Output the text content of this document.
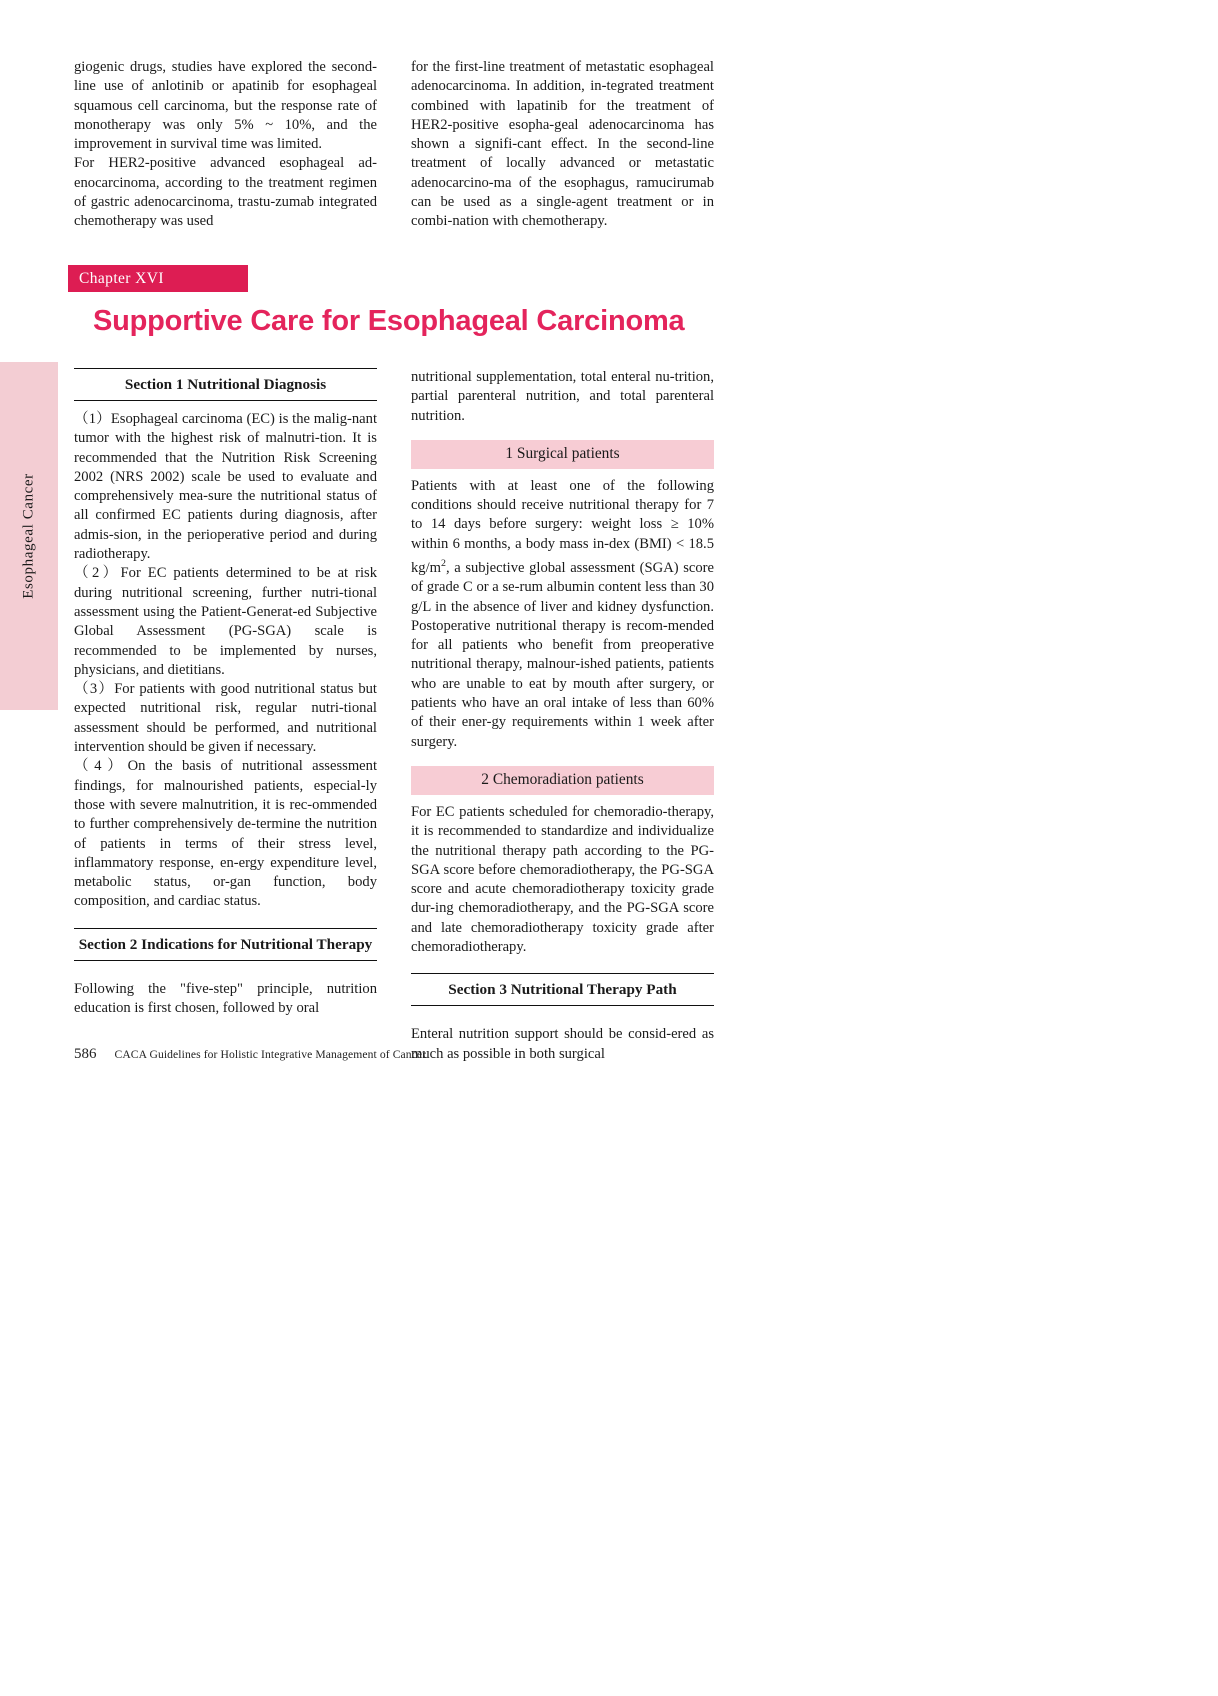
Esophageal Cancer

giogenic drugs, studies have explored the second-line use of anlotinib or apatinib for esophageal squamous cell carcinoma, but the response rate of monotherapy was only 5% ~ 10%, and the improvement in survival time was limited.

For HER2-positive advanced esophageal ad-enocarcinoma, according to the treatment regimen of gastric adenocarcinoma, trastu-zumab integrated chemotherapy was used

for the first-line treatment of metastatic esophageal adenocarcinoma. In addition, in-tegrated treatment combined with lapatinib for the treatment of HER2-positive esopha-geal adenocarcinoma has shown a signifi-cant effect. In the second-line treatment of locally advanced or metastatic adenocarcino-ma of the esophagus, ramucirumab can be used as a single-agent treatment or in combi-nation with chemotherapy.

Chapter XVI
Supportive Care for Esophageal Carcinoma
Section 1 Nutritional Diagnosis

（1）Esophageal carcinoma (EC) is the malig-nant tumor with the highest risk of malnutri-tion. It is recommended that the Nutrition Risk Screening 2002 (NRS 2002) scale be used to evaluate and comprehensively mea-sure the nutritional status of all confirmed EC patients during diagnosis, after admis-sion, in the perioperative period and during radiotherapy.

（2）For EC patients determined to be at risk during nutritional screening, further nutri-tional assessment using the Patient-Generat-ed Subjective Global Assessment (PG-SGA) scale is recommended to be implemented by nurses, physicians, and dietitians.

（3）For patients with good nutritional status but expected nutritional risk, regular nutri-tional assessment should be performed, and nutritional intervention should be given if necessary.

（4）On the basis of nutritional assessment findings, for malnourished patients, especial-ly those with severe malnutrition, it is rec-ommended to further comprehensively de-termine the nutrition of patients in terms of their stress level, inflammatory response, en-ergy expenditure level, metabolic status, or-gan function, body composition, and cardiac status.

Section 2 Indications for Nutritional Therapy

Following the "five-step" principle, nutrition education is first chosen, followed by oral

nutritional supplementation, total enteral nu-trition, partial parenteral nutrition, and total parenteral nutrition.

1 Surgical patients

Patients with at least one of the following conditions should receive nutritional therapy for 7 to 14 days before surgery: weight loss ≥ 10% within 6 months, a body mass in-dex (BMI) < 18.5 $kg/m^2$, a subjective global assessment (SGA) score of grade C or a se-rum albumin content less than 30 g/L in the absence of liver and kidney dysfunction. Postoperative nutritional therapy is recom-mended for all patients who benefit from preoperative nutritional therapy, malnour-ished patients, patients who are unable to eat by mouth after surgery, or patients who have an oral intake of less than 60% of their ener-gy requirements within 1 week after surgery.

2 Chemoradiation patients

For EC patients scheduled for chemoradio-therapy, it is recommended to standardize and individualize the nutritional therapy path according to the PG-SGA score before chemoradiotherapy, the PG-SGA score and acute chemoradiotherapy toxicity grade dur-ing chemoradiotherapy, and the PG-SGA score and late chemoradiotherapy toxicity grade after chemoradiotherapy.

Section 3 Nutritional Therapy Path

Enteral nutrition support should be consid-ered as much as possible in both surgical

586 CACA Guidelines for Holistic Integrative Management of Cancer
